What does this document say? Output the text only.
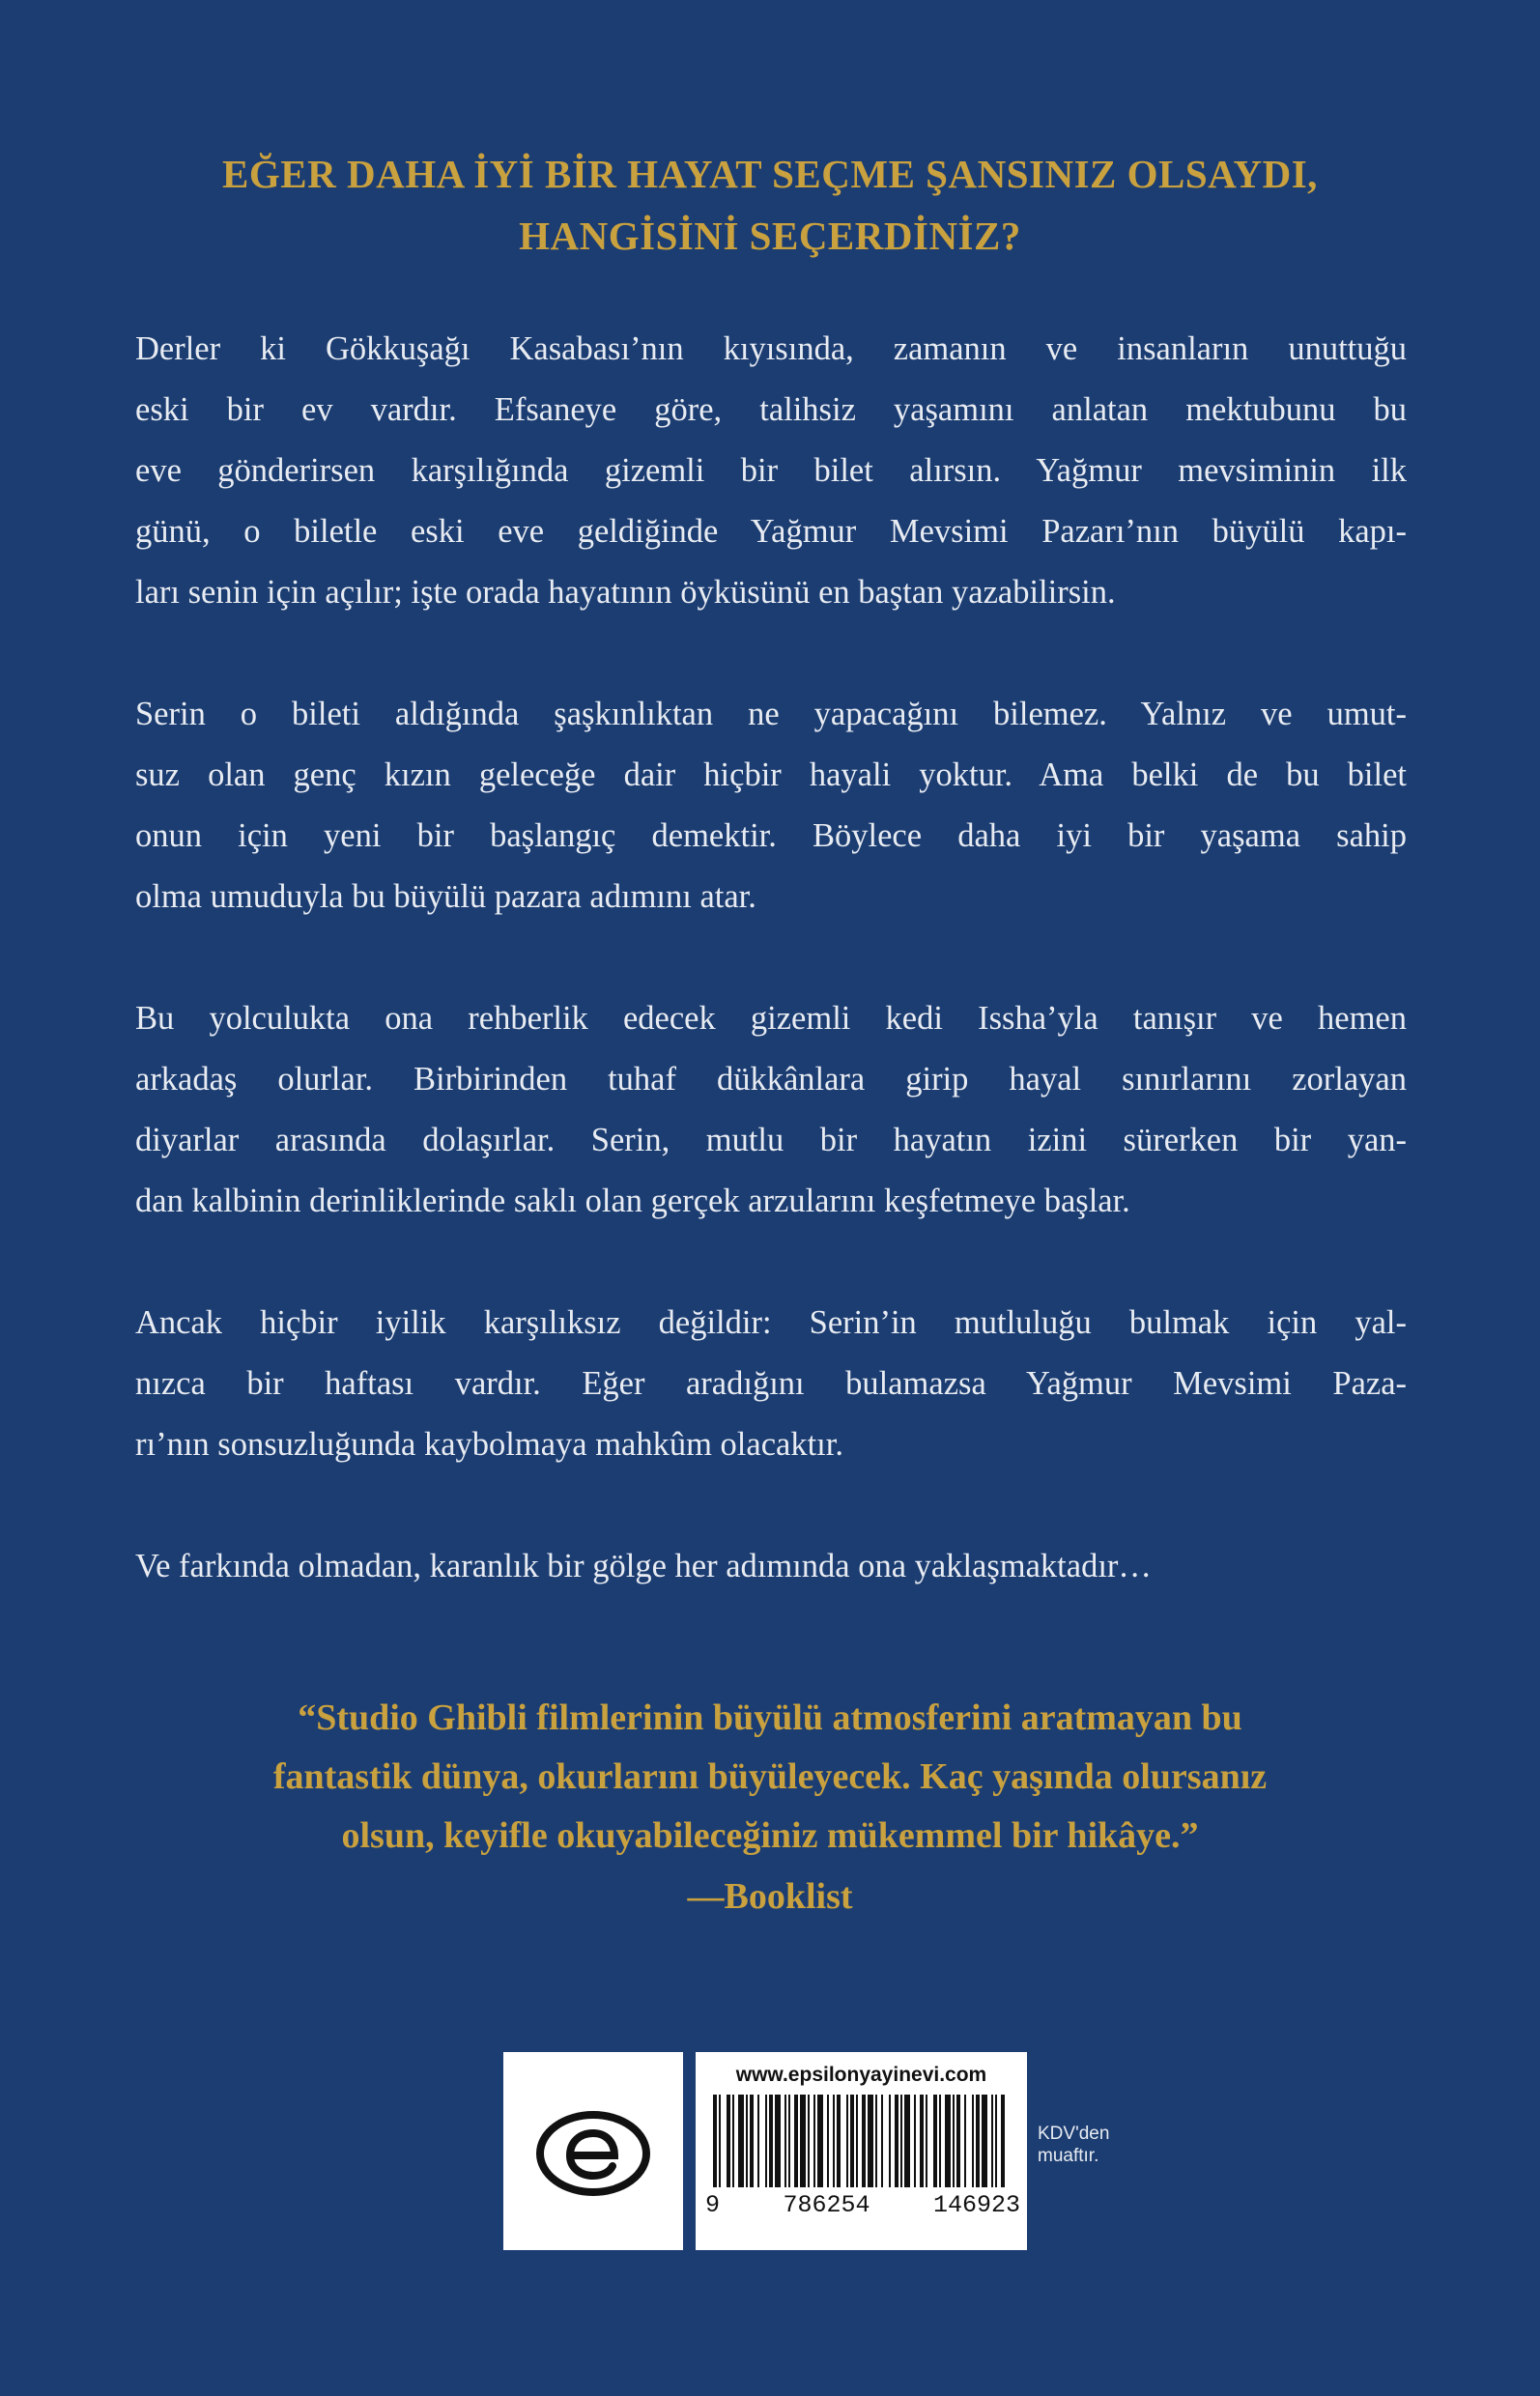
EĞER DAHA İYİ BİR HAYAT SEÇME ŞANSINIZ OLSAYDI,
HANGİSİNİ SEÇERDİNİZ?
Derler ki Gökkuşağı Kasabası’nın kıyısında, zamanın ve insanların unuttuğu
eski bir ev vardır. Efsaneye göre, talihsiz yaşamını anlatan mektubunu bu
eve gönderirsen karşılığında gizemli bir bilet alırsın. Yağmur mevsiminin ilk
günü, o biletle eski eve geldiğinde Yağmur Mevsimi Pazarı’nın büyülü kapı-
ları senin için açılır; işte orada hayatının öyküsünü en baştan yazabilirsin.
Serin o bileti aldığında şaşkınlıktan ne yapacağını bilemez. Yalnız ve umut-
suz olan genç kızın geleceğe dair hiçbir hayali yoktur. Ama belki de bu bilet
onun için yeni bir başlangıç demektir. Böylece daha iyi bir yaşama sahip
olma umuduyla bu büyülü pazara adımını atar.
Bu yolculukta ona rehberlik edecek gizemli kedi Issha’yla tanışır ve hemen
arkadaş olurlar. Birbirinden tuhaf dükkânlara girip hayal sınırlarını zorlayan
diyarlar arasında dolaşırlar. Serin, mutlu bir hayatın izini sürerken bir yan-
dan kalbinin derinliklerinde saklı olan gerçek arzularını keşfetmeye başlar.
Ancak hiçbir iyilik karşılıksız değildir: Serin’in mutluluğu bulmak için yal-
nızca bir haftası vardır. Eğer aradığını bulamazsa Yağmur Mevsimi Paza-
rı’nın sonsuzluğunda kaybolmaya mahkûm olacaktır.
Ve farkında olmadan, karanlık bir gölge her adımında ona yaklaşmaktadır…
“Studio Ghibli filmlerinin büyülü atmosferini aratmayan bu
fantastik dünya, okurlarını büyüleyecek. Kaç yaşında olursanız
olsun, keyifle okuyabileceğiniz mükemmel bir hikâye.”
—Booklist
www.epsilonyayinevi.com
9	786254	146923
KDV'den
muaftır.
